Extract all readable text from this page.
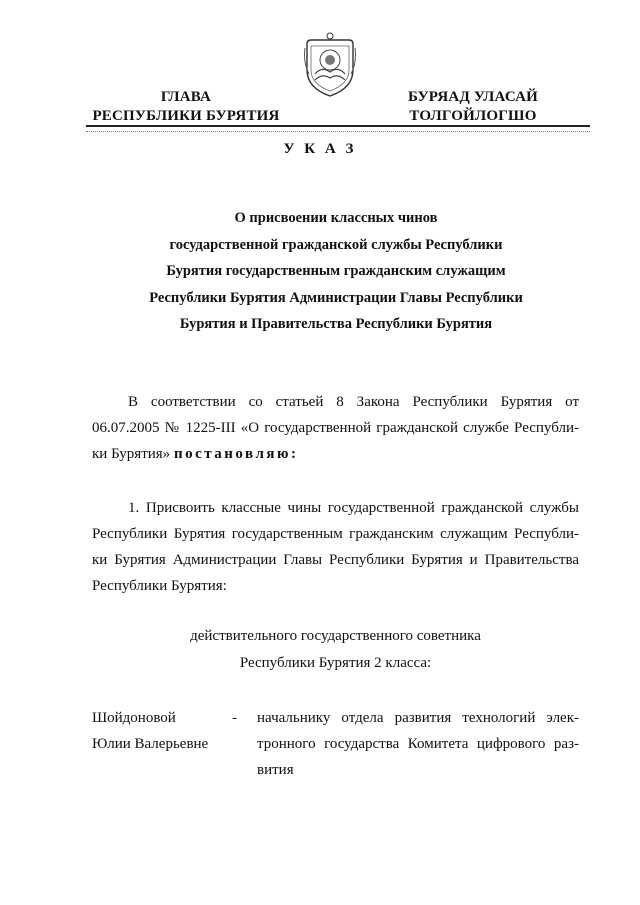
ГЛАВА
РЕСПУБЛИКИ БУРЯТИЯ
БУРЯАД УЛАСАЙ
ТОЛГОЙЛОГШО
У К А З
О присвоении классных чинов
государственной гражданской службы Республики
Бурятия государственным гражданским служащим
Республики Бурятия Администрации Главы Республики
Бурятия и Правительства Республики Бурятия
В соответствии со статьей 8 Закона Республики Бурятия от
06.07.2005 № 1225-III «О государственной гражданской службе Республи-
ки Бурятия» постановляю:
1. Присвоить классные чины государственной гражданской службы
Республики Бурятия государственным гражданским служащим Республи-
ки Бурятия Администрации Главы Республики Бурятия и Правительства
Республики Бурятия:
действительного государственного советника
Республики Бурятия 2 класса:
Шойдоновой
Юлии Валерьевне
- начальнику отдела развития технологий элек-
тронного государства Комитета цифрового раз-
вития
